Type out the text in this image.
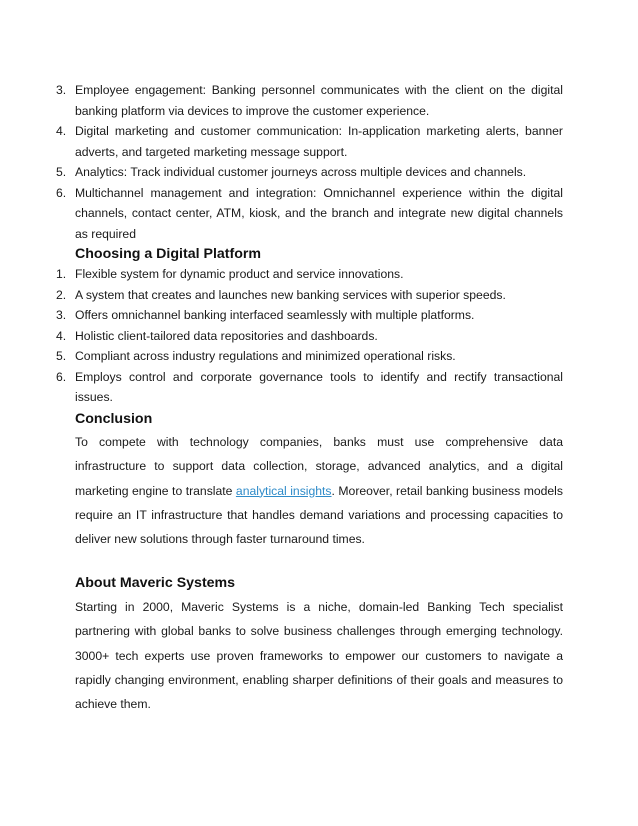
3. Employee engagement: Banking personnel communicates with the client on the digital banking platform via devices to improve the customer experience.
4. Digital marketing and customer communication: In-application marketing alerts, banner adverts, and targeted marketing message support.
5. Analytics: Track individual customer journeys across multiple devices and channels.
6. Multichannel management and integration: Omnichannel experience within the digital channels, contact center, ATM, kiosk, and the branch and integrate new digital channels as required
Choosing a Digital Platform
1. Flexible system for dynamic product and service innovations.
2. A system that creates and launches new banking services with superior speeds.
3. Offers omnichannel banking interfaced seamlessly with multiple platforms.
4. Holistic client-tailored data repositories and dashboards.
5. Compliant across industry regulations and minimized operational risks.
6. Employs control and corporate governance tools to identify and rectify transactional issues.
Conclusion

To compete with technology companies, banks must use comprehensive data infrastructure to support data collection, storage, advanced analytics, and a digital marketing engine to translate analytical insights. Moreover, retail banking business models require an IT infrastructure that handles demand variations and processing capacities to deliver new solutions through faster turnaround times.

About Maveric Systems

Starting in 2000, Maveric Systems is a niche, domain-led Banking Tech specialist partnering with global banks to solve business challenges through emerging technology. 3000+ tech experts use proven frameworks to empower our customers to navigate a rapidly changing environment, enabling sharper definitions of their goals and measures to achieve them.
